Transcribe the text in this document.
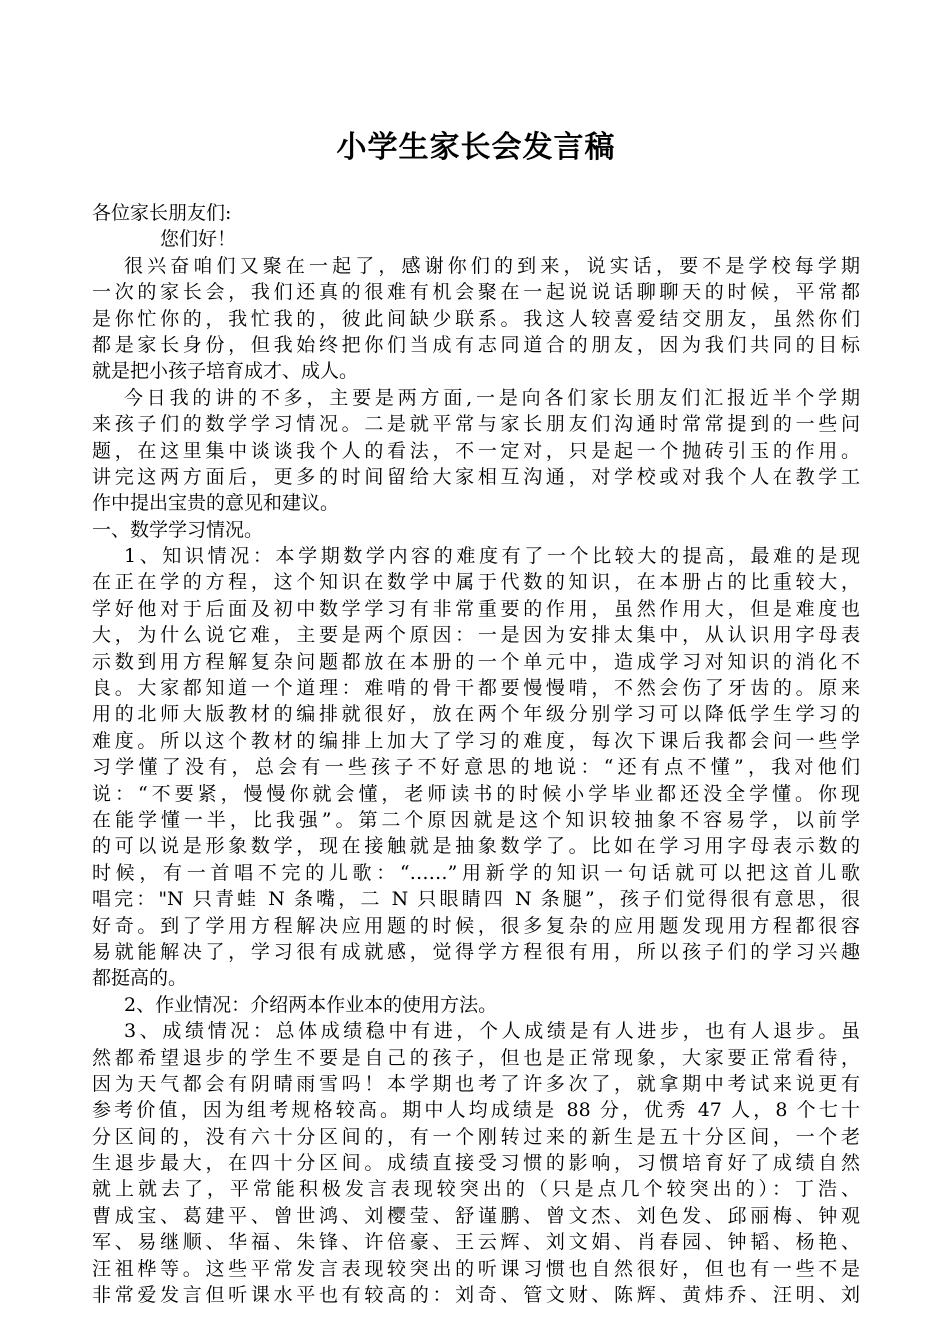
小学生家长会发言稿
各位家长朋友们:
您们好！
很兴奋咱们又聚在一起了，感谢你们的到来，说实话，要不是学校每学期
一次的家长会，我们还真的很难有机会聚在一起说说话聊聊天的时候，平常都
是你忙你的，我忙我的，彼此间缺少联系。我这人较喜爱结交朋友，虽然你们
都是家长身份，但我始终把你们当成有志同道合的朋友，因为我们共同的目标
就是把小孩子培育成才、成人。
今日我的讲的不多，主要是两方面,一是向各们家长朋友们汇报近半个学期
来孩子们的数学学习情况。二是就平常与家长朋友们沟通时常常提到的一些问
题，在这里集中谈谈我个人的看法，不一定对，只是起一个抛砖引玉的作用。
讲完这两方面后，更多的时间留给大家相互沟通，对学校或对我个人在教学工
作中提出宝贵的意见和建议。
一、数学学习情况。
1、知识情况：本学期数学内容的难度有了一个比较大的提高，最难的是现
在正在学的方程，这个知识在数学中属于代数的知识，在本册占的比重较大，
学好他对于后面及初中数学学习有非常重要的作用，虽然作用大，但是难度也
大，为什么说它难，主要是两个原因：一是因为安排太集中，从认识用字母表
示数到用方程解复杂问题都放在本册的一个单元中，造成学习对知识的消化不
良。大家都知道一个道理：难啃的骨干都要慢慢啃，不然会伤了牙齿的。原来
用的北师大版教材的编排就很好，放在两个年级分别学习可以降低学生学习的
难度。所以这个教材的编排上加大了学习的难度，每次下课后我都会问一些学
习学懂了没有，总会有一些孩子不好意思的地说：“还有点不懂”，我对他们
说：“不要紧，慢慢你就会懂，老师读书的时候小学毕业都还没全学懂。你现
在能学懂一半，比我强”。第二个原因就是这个知识较抽象不容易学，以前学
的可以说是形象数学，现在接触就是抽象数学了。比如在学习用字母表示数的
时候，有一首唱不完的儿歌：“……”用新学的知识一句话就可以把这首儿歌
唱完："N 只青蛙 N 条嘴，二 N 只眼睛四 N 条腿”，孩子们觉得很有意思，很
好奇。到了学用方程解决应用题的时候，很多复杂的应用题发现用方程都很容
易就能解决了，学习很有成就感，觉得学方程很有用，所以孩子们的学习兴趣
都挺高的。
2、作业情况：介绍两本作业本的使用方法。
3、成绩情况：总体成绩稳中有进，个人成绩是有人进步，也有人退步。虽
然都希望退步的学生不要是自己的孩子，但也是正常现象，大家要正常看待，
因为天气都会有阴晴雨雪吗！本学期也考了许多次了，就拿期中考试来说更有
参考价值，因为组考规格较高。期中人均成绩是 88 分，优秀 47 人，8 个七十
分区间的，没有六十分区间的，有一个刚转过来的新生是五十分区间，一个老
生退步最大，在四十分区间。成绩直接受习惯的影响，习惯培育好了成绩自然
就上就去了，平常能积极发言表现较突出的（只是点几个较突出的）：丁浩、
曹成宝、葛建平、曾世鸿、刘樱莹、舒谨鹏、曾文杰、刘色发、邱丽梅、钟观
军、易继顺、华福、朱锋、许倍豪、王云辉、刘文娟、肖春园、钟韬、杨艳、
汪祖桦等。这些平常发言表现较突出的听课习惯也自然很好，但也有一些不是
非常爱发言但听课水平也有较高的：刘奇、管文财、陈辉、黄炜乔、汪明、刘
